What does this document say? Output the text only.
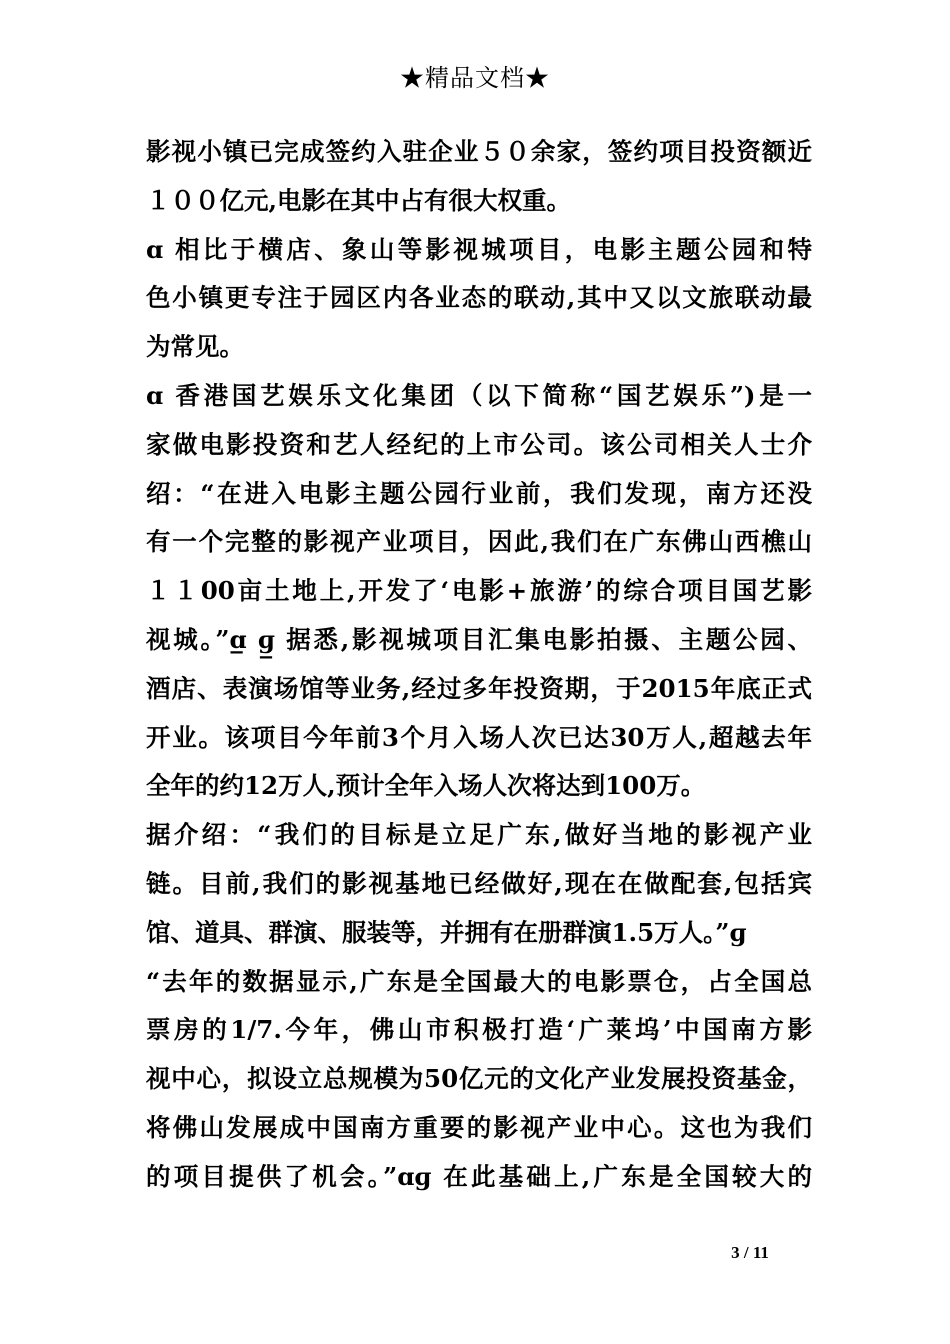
★精品文档★
影视小镇已完成签约入驻企业５０余家，签约项目投资额近
１００亿元,电影在其中占有很大权重。
ɑ 相比于横店、象山等影视城项目，电影主题公园和特
色小镇更专注于园区内各业态的联动,其中又以文旅联动最
为常见。
ɑ 香港国艺娱乐文化集团（以下简称“国艺娱乐”)是一
家做电影投资和艺人经纪的上市公司。该公司相关人士介
绍：“在进入电影主题公园行业前，我们发现，南方还没
有一个完整的影视产业项目，因此,我们在广东佛山西樵山
１１00亩土地上,开发了‘电影+旅游’的综合项目国艺影
视城。”ɑ̲ ɡ̲ 据悉,影视城项目汇集电影拍摄、主题公园、
酒店、表演场馆等业务,经过多年投资期，于2015年底正式
开业。该项目今年前3个月入场人次已达30万人,超越去年
全年的约12万人,预计全年入场人次将达到100万。
据介绍：“我们的目标是立足广东,做好当地的影视产业
链。目前,我们的影视基地已经做好,现在在做配套,包括宾
馆、道具、群演、服装等，并拥有在册群演1.5万人。”ɡ
“去年的数据显示,广东是全国最大的电影票仓，占全国总
票房的1/7.今年，佛山市积极打造‘广莱坞’中国南方影
视中心，拟设立总规模为50亿元的文化产业发展投资基金，
将佛山发展成中国南方重要的影视产业中心。这也为我们
的项目提供了机会。”ɑɡ 在此基础上,广东是全国较大的
3 / 11
